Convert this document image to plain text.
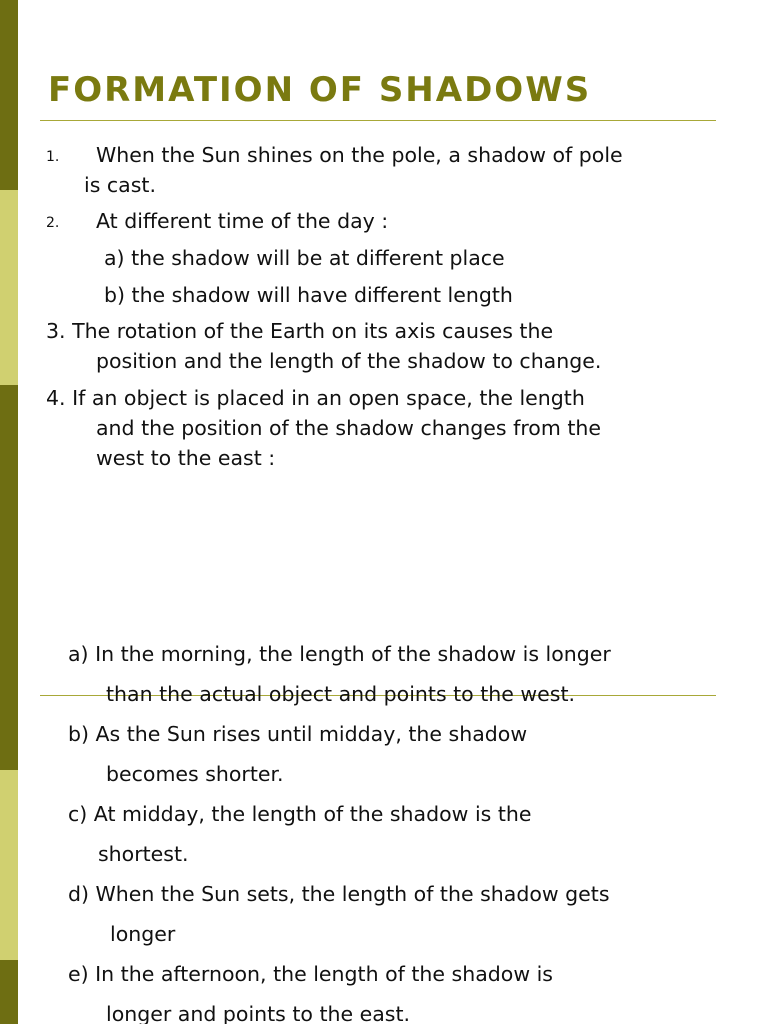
FORMATION OF SHADOWS
1. When the Sun shines on the pole, a shadow of pole

is cast.

2. At different time of the day :

a) the shadow will be at different place

b) the shadow will have different length

3. The rotation of the Earth on its axis causes the

position and the length of the shadow to change.

4. If an object is placed in an open space, the length

and the position of the shadow changes from the

west to the east :

a) In the morning, the length of the shadow is longer

than the actual object and points to the west.

b) As the Sun rises until midday, the shadow

becomes shorter.

c) At midday, the length of the shadow is the

shortest.

d) When the Sun sets, the length of the shadow gets

longer

e) In the afternoon, the length of the shadow is

longer and points to the east.
